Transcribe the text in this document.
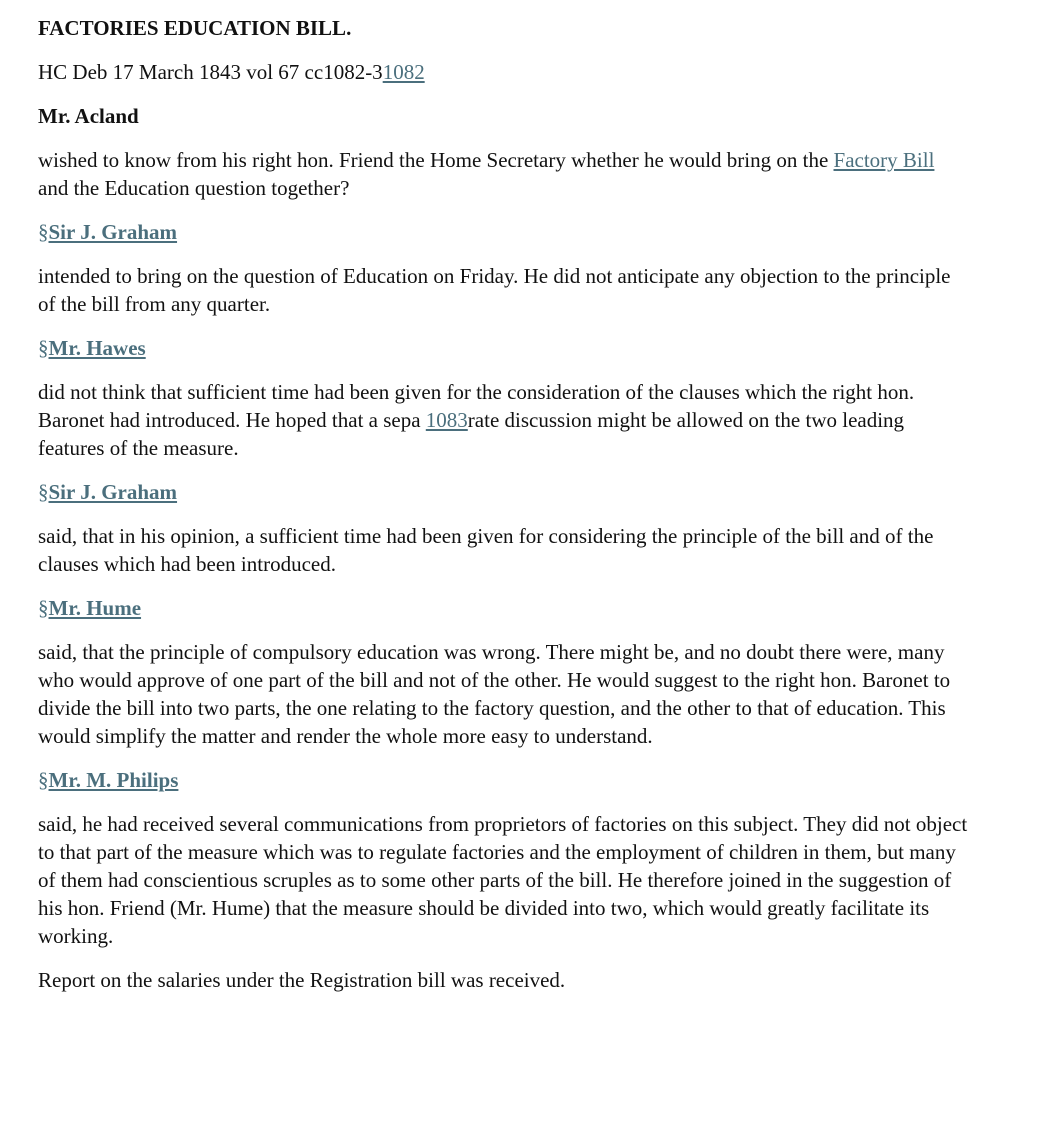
FACTORIES EDUCATION BILL.

HC Deb 17 March 1843 vol 67 cc1082-31082

Mr. Acland

wished to know from his right hon. Friend the Home Secretary whether he would bring on the Factory Bill and the Education question together?

§Sir J. Graham

intended to bring on the question of Education on Friday. He did not anticipate any objection to the principle of the bill from any quarter.

§Mr. Hawes

did not think that sufficient time had been given for the consideration of the clauses which the right hon. Baronet had introduced. He hoped that a sepa 1083rate discussion might be allowed on the two leading features of the measure.

§Sir J. Graham

said, that in his opinion, a sufficient time had been given for considering the principle of the bill and of the clauses which had been introduced.

§Mr. Hume

said, that the principle of compulsory education was wrong. There might be, and no doubt there were, many who would approve of one part of the bill and not of the other. He would suggest to the right hon. Baronet to divide the bill into two parts, the one relating to the factory question, and the other to that of education. This would simplify the matter and render the whole more easy to understand.

§Mr. M. Philips

said, he had received several communications from proprietors of factories on this subject. They did not object to that part of the measure which was to regulate factories and the employment of children in them, but many of them had conscientious scruples as to some other parts of the bill. He therefore joined in the suggestion of his hon. Friend (Mr. Hume) that the measure should be divided into two, which would greatly facilitate its working.

Report on the salaries under the Registration bill was received.
